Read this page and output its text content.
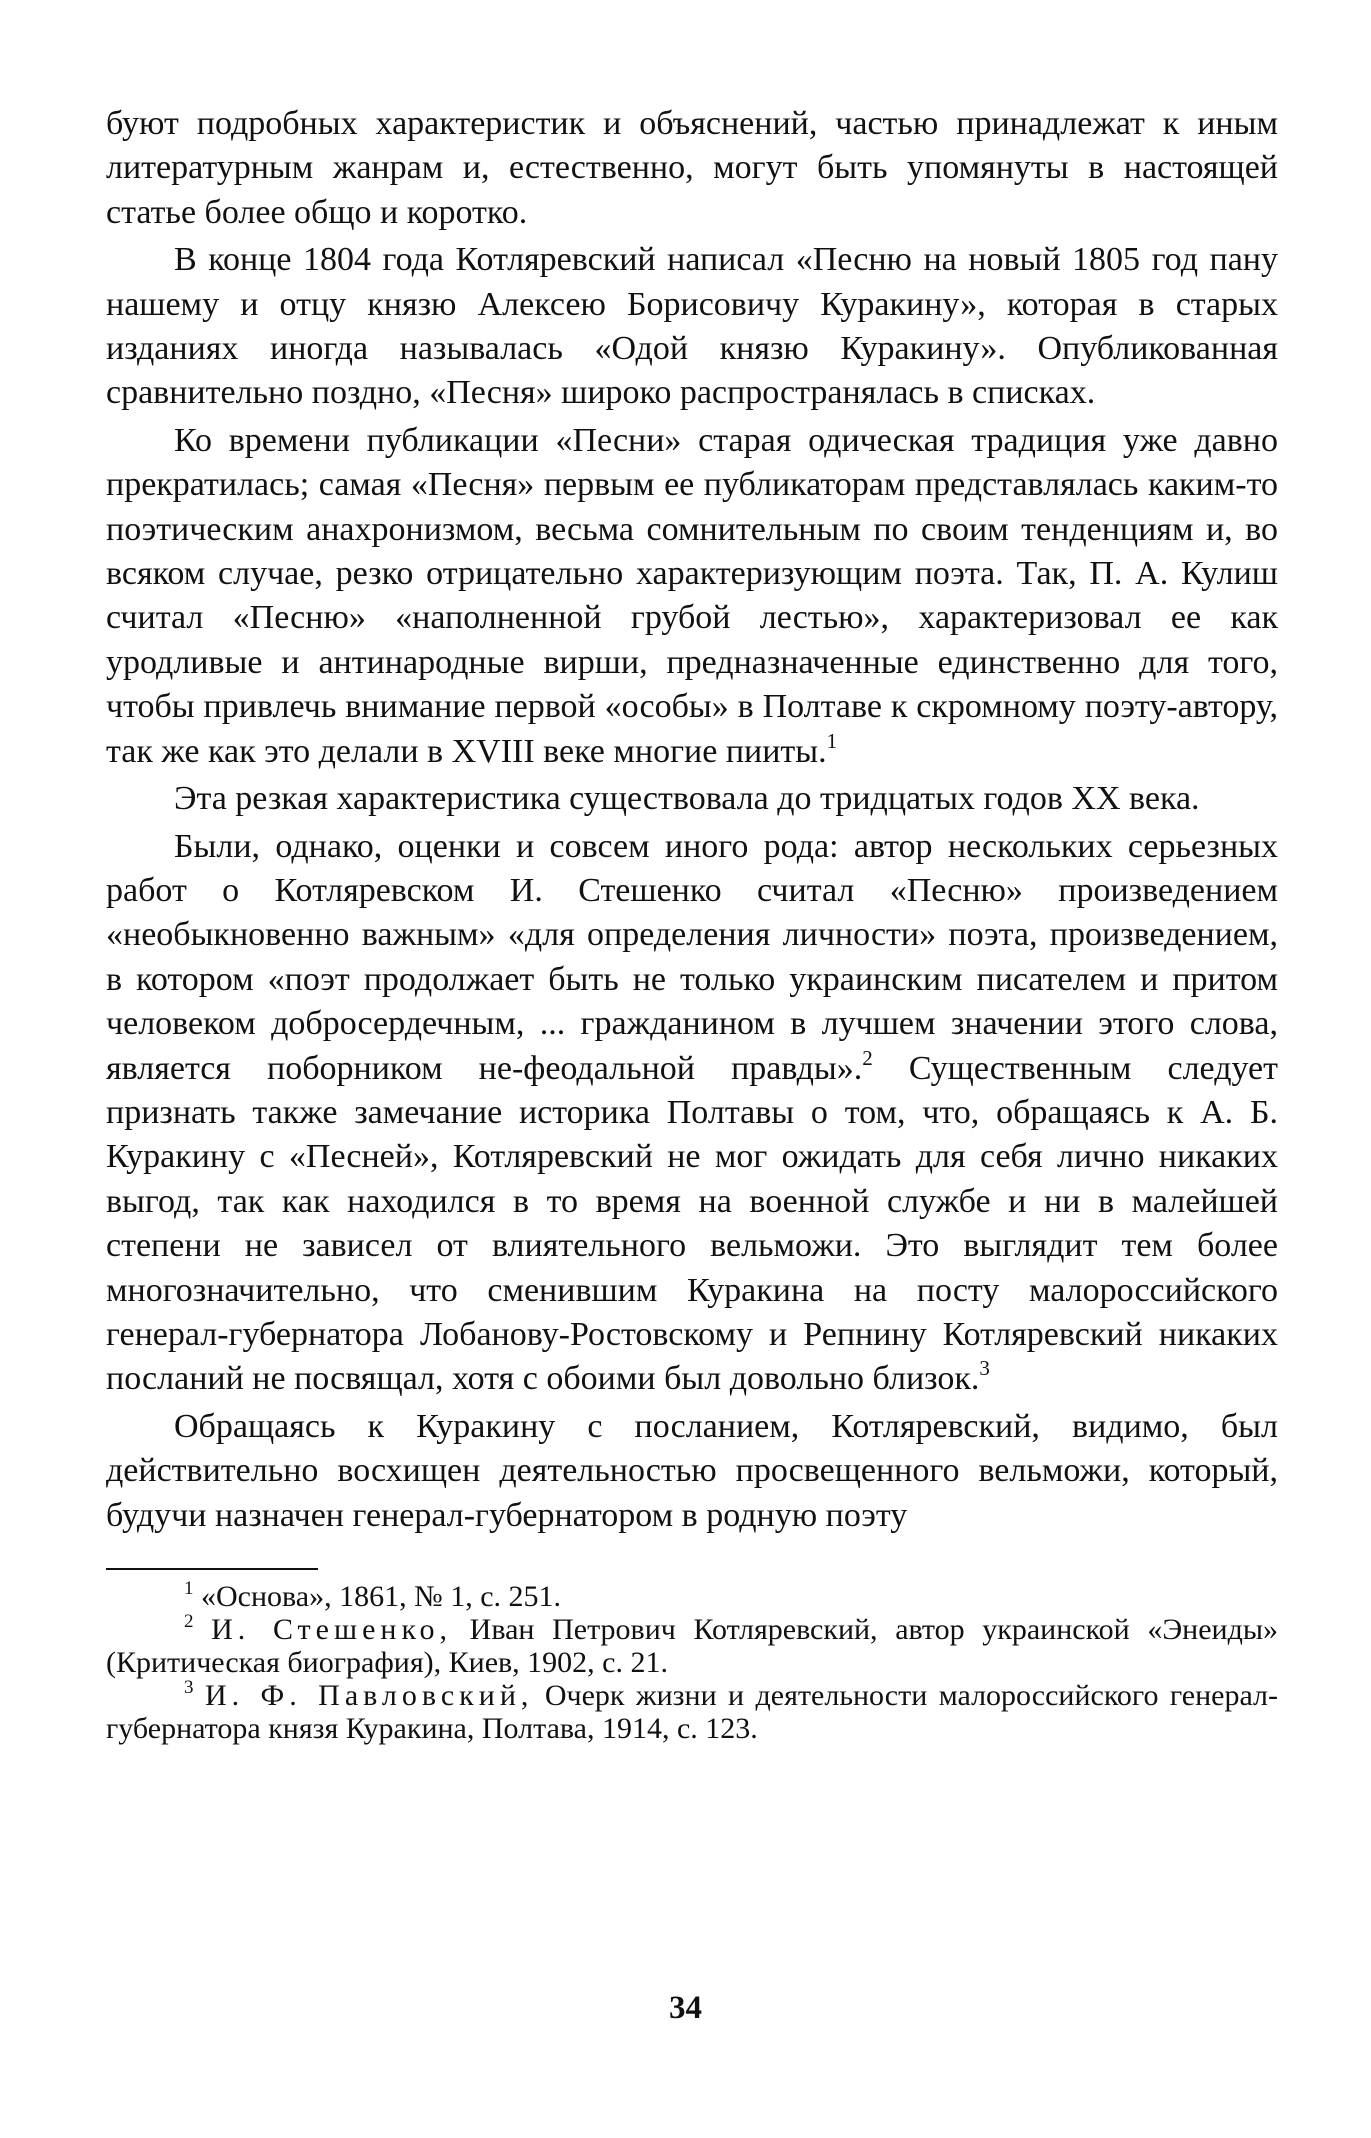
буют подробных характеристик и объяснений, частью принадлежат к иным литературным жанрам и, естественно, могут быть упомянуты в настоящей статье более общо и коротко.

В конце 1804 года Котляревский написал «Песню на новый 1805 год пану нашему и отцу князю Алексею Борисовичу Куракину», которая в старых изданиях иногда называлась «Одой князю Куракину». Опубликованная сравнительно поздно, «Песня» широко распространялась в списках.

Ко времени публикации «Песни» старая одическая традиция уже давно прекратилась; самая «Песня» первым ее публикаторам представлялась каким-то поэтическим анахронизмом, весьма сомнительным по своим тенденциям и, во всяком случае, резко отрицательно характеризующим поэта. Так, П. А. Кулиш считал «Песню» «наполненной грубой лестью», характеризовал ее как уродливые и антинародные вирши, предназначенные единственно для того, чтобы привлечь внимание первой «особы» в Полтаве к скромному поэту-автору, так же как это делали в XVIII веке многие пииты.$^1$

Эта резкая характеристика существовала до тридцатых годов XX века.

Были, однако, оценки и совсем иного рода: автор нескольких серьезных работ о Котляревском И. Стешенко считал «Песню» произведением «необыкновенно важным» «для определения личности» поэта, произведением, в котором «поэт продолжает быть не только украинским писателем и притом человеком добросердечным, ... гражданином в лучшем значении этого слова, является поборником не-феодальной правды».$^2$ Существенным следует признать также замечание историка Полтавы о том, что, обращаясь к А. Б. Куракину с «Песней», Котляревский не мог ожидать для себя лично никаких выгод, так как находился в то время на военной службе и ни в малейшей степени не зависел от влиятельного вельможи. Это выглядит тем более многозначительно, что сменившим Куракина на посту малороссийского генерал-губернатора Лобанову-Ростовскому и Репнину Котляревский никаких посланий не посвящал, хотя с обоими был довольно близок.$^3$

Обращаясь к Куракину с посланием, Котляревский, видимо, был действительно восхищен деятельностью просвещенного вельможи, который, будучи назначен генерал-губернатором в родную поэту

$^1$ «Основа», 1861, № 1, с. 251.

$^2$ И. Стешенко, Иван Петрович Котляревский, автор украинской «Энеиды» (Критическая биография), Киев, 1902, с. 21.

$^3$ И. Ф. Павловский, Очерк жизни и деятельности малороссийского генерал-губернатора князя Куракина, Полтава, 1914, с. 123.

34
